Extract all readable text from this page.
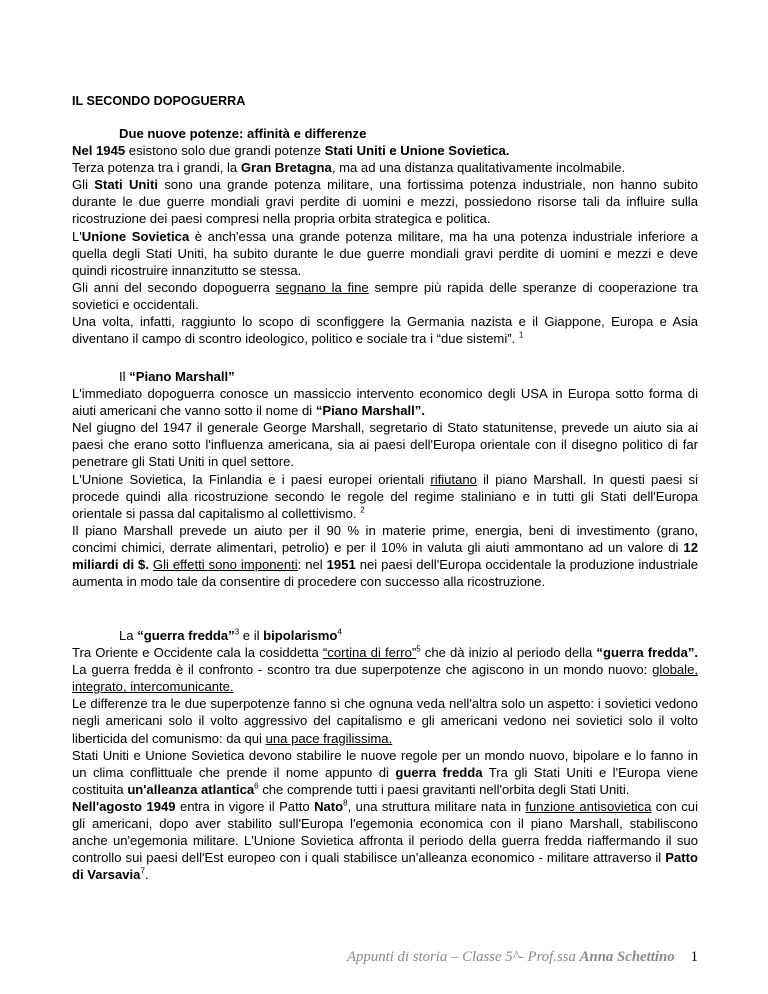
IL SECONDO DOPOGUERRA
Due nuove potenze: affinità e differenze

Nel 1945 esistono solo due grandi potenze Stati Uniti e Unione Sovietica.

Terza potenza tra i grandi, la Gran Bretagna, ma ad una distanza qualitativamente incolmabile.

Gli Stati Uniti sono una grande potenza militare, una fortissima potenza industriale, non hanno subito durante le due guerre mondiali gravi perdite di uomini e mezzi, possiedono risorse tali da influire sulla ricostruzione dei paesi compresi nella propria orbita strategica e politica.

L'Unione Sovietica è anch'essa una grande potenza militare, ma ha una potenza industriale inferiore a quella degli Stati Uniti, ha subito durante le due guerre mondiali gravi perdite di uomini e mezzi e deve quindi ricostruire innanzitutto se stessa.

Gli anni del secondo dopoguerra segnano la fine sempre più rapida delle speranze di cooperazione tra sovietici e occidentali.

Una volta, infatti, raggiunto lo scopo di sconfiggere la Germania nazista e il Giappone, Europa e Asia diventano il campo di scontro ideologico, politico e sociale tra i “due sistemi”. $^1$

Il “Piano Marshall”

L'immediato dopoguerra conosce un massiccio intervento economico degli USA in Europa sotto forma di aiuti americani che vanno sotto il nome di “Piano Marshall”.

Nel giugno del 1947 il generale George Marshall, segretario di Stato statunitense, prevede un aiuto sia ai paesi che erano sotto l'influenza americana, sia ai paesi dell'Europa orientale con il disegno politico di far penetrare gli Stati Uniti in quel settore.

L'Unione Sovietica, la Finlandia e i paesi europei orientali rifiutano il piano Marshall. In questi paesi si procede quindi alla ricostruzione secondo le regole del regime staliniano e in tutti gli Stati dell'Europa orientale si passa dal capitalismo al collettivismo. $^2$

Il piano Marshall prevede un aiuto per il 90 % in materie prime, energia, beni di investimento (grano, concimi chimici, derrate alimentari, petrolio) e per il 10% in valuta gli aiuti ammontano ad un valore di 12 miliardi di $. Gli effetti sono imponenti: nel 1951 nei paesi dell'Europa occidentale la produzione industriale aumenta in modo tale da consentire di procedere con successo alla ricostruzione.

La “guerra fredda”$^3$ e il bipolarismo$^4$

Tra Oriente e Occidente cala la cosiddetta “cortina di ferro”$^5$ che dà inizio al periodo della “guerra fredda”. La guerra fredda è il confronto - scontro tra due superpotenze che agiscono in un mondo nuovo: globale, integrato, intercomunicante.

Le differenze tra le due superpotenze fanno sì che ognuna veda nell'altra solo un aspetto: i sovietici vedono negli americani solo il volto aggressivo del capitalismo e gli americani vedono nei sovietici solo il volto liberticida del comunismo: da qui una pace fragilissima.

Stati Uniti e Unione Sovietica devono stabilire le nuove regole per un mondo nuovo, bipolare e lo fanno in un clima conflittuale che prende il nome appunto di guerra fredda Tra gli Stati Uniti e l'Europa viene costituita un'alleanza atlantica$^6$ che comprende tutti i paesi gravitanti nell'orbita degli Stati Uniti.

Nell'agosto 1949 entra in vigore il Patto Nato$^8$, una struttura militare nata in funzione antisovietica con cui gli americani, dopo aver stabilito sull'Europa l'egemonia economica con il piano Marshall, stabiliscono anche un'egemonia militare. L'Unione Sovietica affronta il periodo della guerra fredda riaffermando il suo controllo sui paesi dell'Est europeo con i quali stabilisce un'alleanza economico - militare attraverso il Patto di Varsavia$^7$.

Appunti di storia – Classe 5^- Prof.ssa Anna Schettino 1
